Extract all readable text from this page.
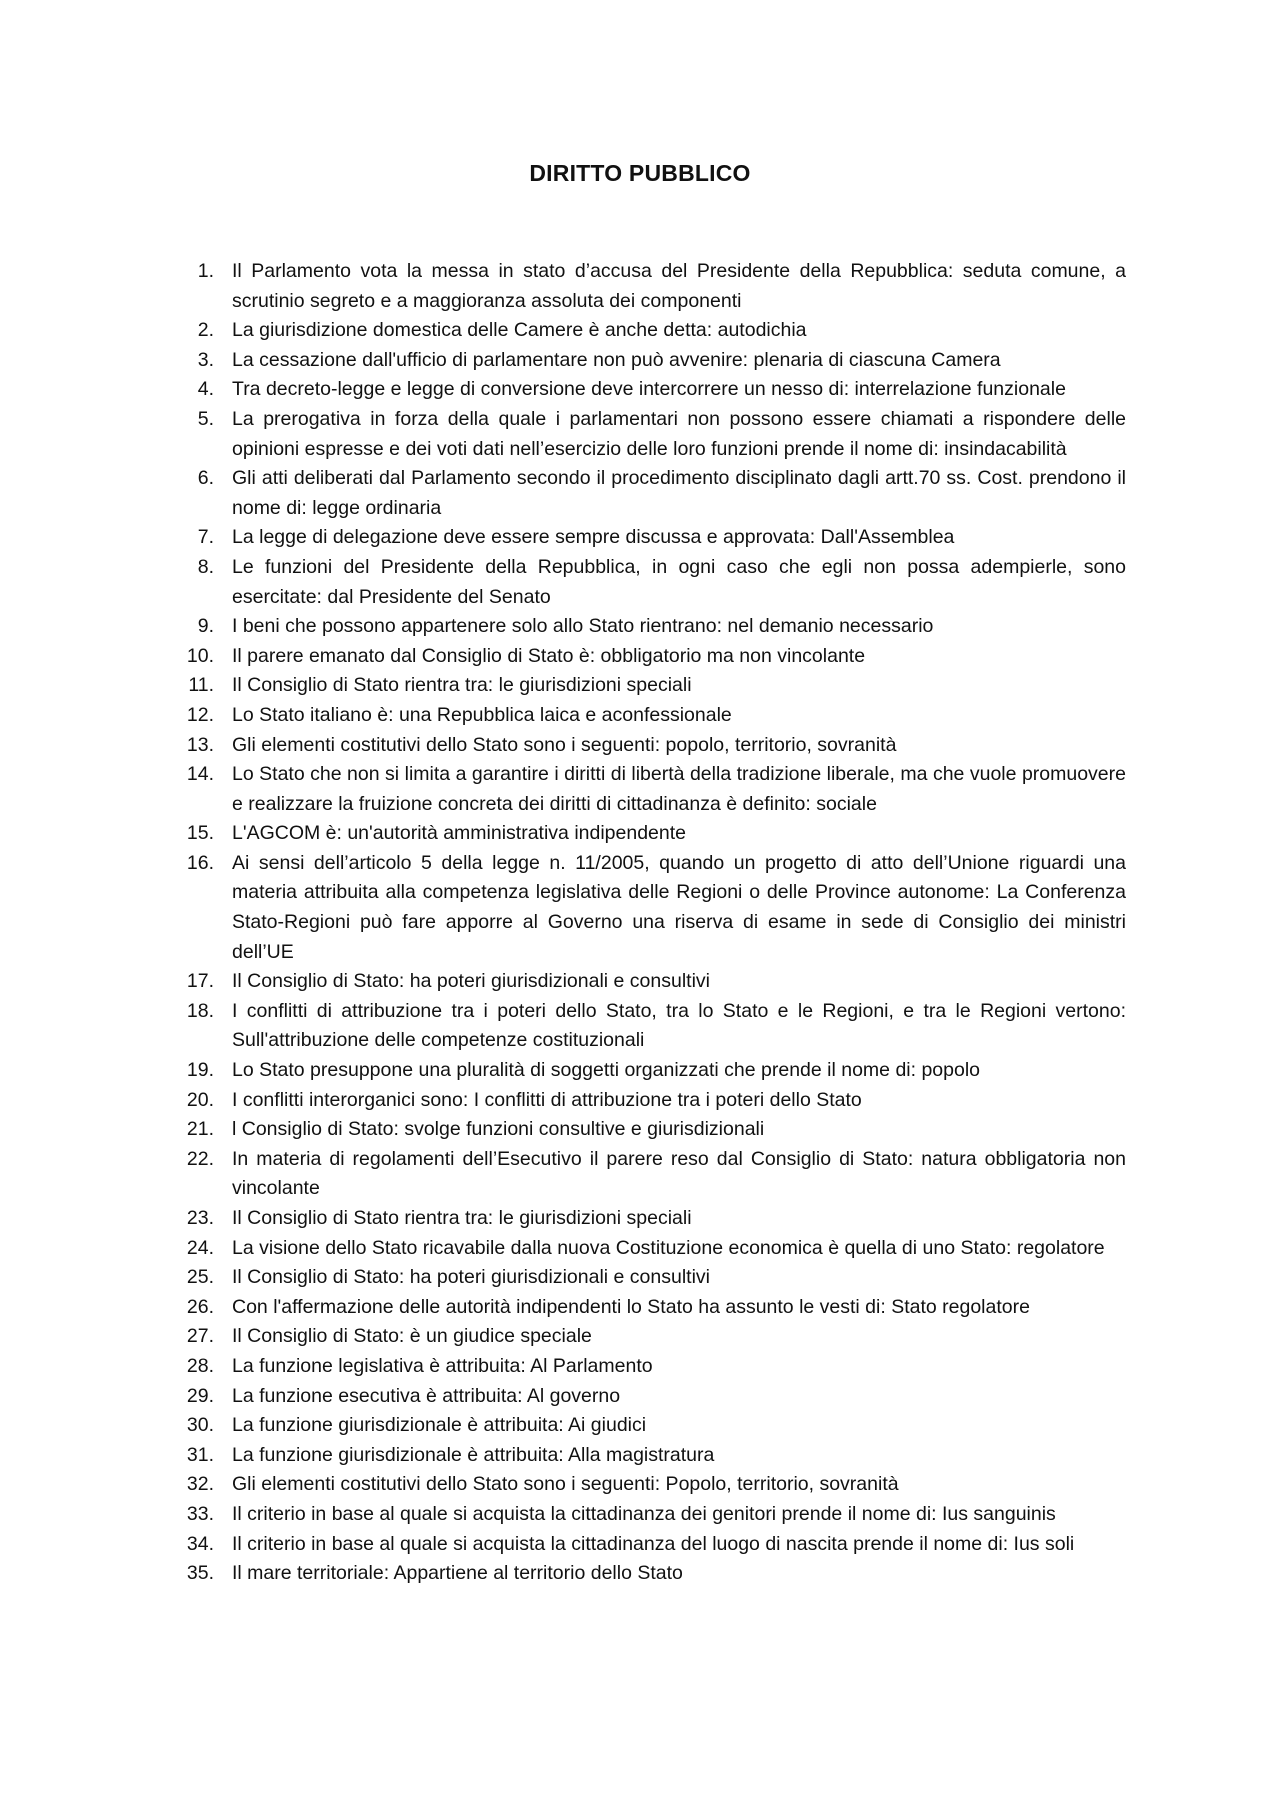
DIRITTO PUBBLICO
1. Il Parlamento vota la messa in stato d’accusa del Presidente della Repubblica: seduta comune, a scrutinio segreto e a maggioranza assoluta dei componenti
2. La giurisdizione domestica delle Camere è anche detta: autodichia
3. La cessazione dall'ufficio di parlamentare non può avvenire: plenaria di ciascuna Camera
4. Tra decreto-legge e legge di conversione deve intercorrere un nesso di: interrelazione funzionale
5. La prerogativa in forza della quale i parlamentari non possono essere chiamati a rispondere delle opinioni espresse e dei voti dati nell’esercizio delle loro funzioni prende il nome di: insindacabilità
6. Gli atti deliberati dal Parlamento secondo il procedimento disciplinato dagli artt.70 ss. Cost. prendono il nome di: legge ordinaria
7. La legge di delegazione deve essere sempre discussa e approvata: Dall'Assemblea
8. Le funzioni del Presidente della Repubblica, in ogni caso che egli non possa adempierle, sono esercitate: dal Presidente del Senato
9. I beni che possono appartenere solo allo Stato rientrano: nel demanio necessario
10. Il parere emanato dal Consiglio di Stato è: obbligatorio ma non vincolante
11. Il Consiglio di Stato rientra tra: le giurisdizioni speciali
12. Lo Stato italiano è: una Repubblica laica e aconfessionale
13. Gli elementi costitutivi dello Stato sono i seguenti: popolo, territorio, sovranità
14. Lo Stato che non si limita a garantire i diritti di libertà della tradizione liberale, ma che vuole promuovere e realizzare la fruizione concreta dei diritti di cittadinanza è definito: sociale
15. L'AGCOM è: un'autorità amministrativa indipendente
16. Ai sensi dell’articolo 5 della legge n. 11/2005, quando un progetto di atto dell’Unione riguardi una materia attribuita alla competenza legislativa delle Regioni o delle Province autonome: La Conferenza Stato-Regioni può fare apporre al Governo una riserva di esame in sede di Consiglio dei ministri dell’UE
17. Il Consiglio di Stato: ha poteri giurisdizionali e consultivi
18. I conflitti di attribuzione tra i poteri dello Stato, tra lo Stato e le Regioni, e tra le Regioni vertono: Sull'attribuzione delle competenze costituzionali
19. Lo Stato presuppone una pluralità di soggetti organizzati che prende il nome di: popolo
20. I conflitti interorganici sono: I conflitti di attribuzione tra i poteri dello Stato
21. l Consiglio di Stato: svolge funzioni consultive e giurisdizionali
22. In materia di regolamenti dell’Esecutivo il parere reso dal Consiglio di Stato: natura obbligatoria non vincolante
23. Il Consiglio di Stato rientra tra: le giurisdizioni speciali
24. La visione dello Stato ricavabile dalla nuova Costituzione economica è quella di uno Stato: regolatore
25. Il Consiglio di Stato: ha poteri giurisdizionali e consultivi
26. Con l'affermazione delle autorità indipendenti lo Stato ha assunto le vesti di: Stato regolatore
27. Il Consiglio di Stato: è un giudice speciale
28. La funzione legislativa è attribuita: Al Parlamento
29. La funzione esecutiva è attribuita: Al governo
30. La funzione giurisdizionale è attribuita: Ai giudici
31. La funzione giurisdizionale è attribuita: Alla magistratura
32. Gli elementi costitutivi dello Stato sono i seguenti: Popolo, territorio, sovranità
33. Il criterio in base al quale si acquista la cittadinanza dei genitori prende il nome di: Ius sanguinis
34. Il criterio in base al quale si acquista la cittadinanza del luogo di nascita prende il nome di: Ius soli
35. Il mare territoriale: Appartiene al territorio dello Stato
